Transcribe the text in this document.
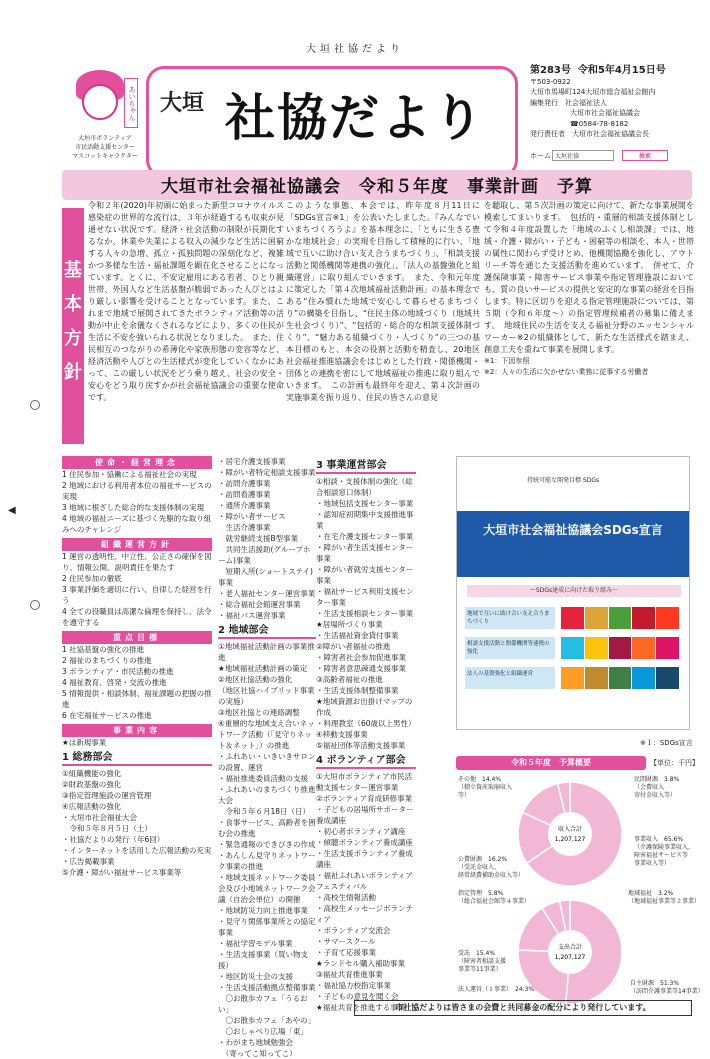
大垣社協だより
あいちゃん
大垣市ボランティア
市民活動支援センター
マスコットキャラクター
大垣 社協だより
第283号　 令和5年4月15日号
〒503-0922
大垣市馬場町124大垣市総合福祉会館内
編集発行　 社会福祉法人
大垣市社会福祉協議会
☎0584-78-8182
発行責任者　 大垣市社会福祉協議会長
ホーム 大垣社協	検索
大垣市社会福祉協議会　令和５年度　事業計画　予算
基本方針
◀
令和２年(2020)年初頭に始まった新型コロナウイルス感染症の世界的な流行は、３年が経過するも収束が見通せない状況です。経済・社会活動の制限が長期化するなか、休業や失業による収入の減少など生活に困窮する人々の急増、孤立・孤独問題の深刻化など、複雑かつ多様な生活・福祉課題を顕在化させることになっています。とくに、不安定雇用にある若者、ひとり親世帯、外国人など生活基盤が脆弱であった人びとはより厳しい影響を受けることとなっています。また、これまで地域で展開されてきたボランティア活動等の活動が中止を余儀なくされるなどにより、多くの住民が生活に不安を強いられる状況となりました。　また、住民相互のつながりの希薄化や家族形態の変容等など、経済活動や人びとの生活様式が変化していくなかにあって、この厳しい状況をどう乗り越え、社会の安全・安心をどう取り戻すかが社会福祉協議会の重要な使命です。
このような事態、本会では、昨年度８月11日に「SDGs宣言※1」を公表いたしました。『みんなでいいまちづくろうよ』を基本理念に、「ともに生きる豊かな地域社会」の実現を目指して積極的に行い、「地域で互いに助け合い支え合うまちづくり」、「相談支援活動と関係機関等連携の強化」、「法人の基盤強化と組織運営」に取り組んでいきます。　また、令和元年度に策定した「第４次地域福祉活動計画」の基本理念である“住み慣れた地域で安心して暮らせるまちづくり”の構築を目指し、“住民主体の地域づくり（地域共生社会づくり）”、“包括的・総合的な相談支援体制づくり”、“魅力ある組織づくり・人づくり”の三つの基本目標のもと、本会の役割と活動を精査し、20地区社会福祉推進協議会をはじめとした行政・関係機関・団体との連携を密にして地域福祉の推進に取り組んでいきます。　この計画も最終年を迎え、第４次計画の実施事業を振り返り、住民の皆さんの意見
を聴取し、第５次計画の策定に向けて、新たな事業展開を模索してまいります。　包括的・重層的相談支援体制として令和４年度設置した「地域のふくし相談課」では、地域・介護・障がい・子ども・困窮等の相談を、本人・世帯の属性に関わらず受けとめ、他機関協働を強化し、アウトリーチ等を通じた支援活動を進めています。　併せて、介護保険事業・障害サービス事業や指定管理施設においても、質の良いサービスの提供と安定的な事業の経営を目指します。特に区切りを迎える指定管理施設については、第５期（令和６年度〜）の指定管理候補者の募集に備えます。　地域住民の生活を支える福祉分野のエッセンシャルワーカー※2の組織体として、新たな生活様式を踏まえ、創意工夫を重ねて事業を展開します。
※1：下図参照
※2：人々の生活に欠かせない業務に従事する労働者
使命・経営理念
1 住民参加・協働による福祉社会の実現
2 地域における利用者本位の福祉サービスの実現
3 地域に根ざした総合的な支援体制の実現
4 地域の福祉ニーズに基づく先駆的な取り組みへのチャレンジ
組織運営方針
1 運営の透明性、中立性、公正さの確保を図り、情報公開、説明責任を果たす
2 住民参加の徹底
3 事業評価を適切に行い、自律した経営を行う
4 全ての役職員は高潔な倫理を保持し、法令を遵守する
重点目標
1 社協基盤の強化の推進
2 福祉のまちづくりの推進
3 ボランティア・市民活動の推進
4 福祉教育、啓発・交流の推進
5 情報提供・相談体制、福祉課題の把握の推進
6 在宅福祉サービスの推進
事業内容
★は新規事業
1 総務部会
①組織機能の強化
②財政基盤の強化
③指定管理施設の運営管理
④広報活動の強化
・大垣市社会福祉大会
　令和５年８月５日（土）
・社協だよりの発行（年6回）
・インターネットを活用した広報活動の充実
・広告掲載事業
⑤介護・障がい福祉サービス事業等
・居宅介護支援事業
・障がい者特定相談支援事業
・訪問介護事業
・訪問看護事業
・通所介護事業
・障がい者サービス
　生活介護事業
　就労継続支援B型事業
　共同生活援助(グループホーム)事業
　短期入所(ショートステイ)事業
・老人福祉センター運営事業
・総合福祉会館運営事業
・福祉バス運営事業
2 地域部会
①地域福祉活動計画の事業推進
★地域福祉活動計画の策定
②地区社協活動の強化
（地区社協ハイブリッド事業の実施）
③地区社協との連絡調整
④重層的な地域支え合いネットワーク活動（「見守りネット＆ネット」）の推進
・ふれあい・いきいきサロンの設置、運営
・福祉推進委員活動の支援
・ふれあいのまちづくり推進大会
　令和５年６月18日（日）
・食事サービス、高齢者を囲む会の推進
・緊急通報のできびきの作成
・あんしん見守りネットワーク事業の推進
・地域支援ネットワーク委員会及び小地域ネットワーク会議（自治会単位）の開催
・地域防災力向上推進事業
・見守り関係事業所との協定事業
・福祉学習モデル事業
・生活支援事業（買い物支援）
・地区防災士会の支援
・生活支援活動拠点整備事業
　〇お散歩カフェ「うるおい」
　〇お散歩カフェ「あやの」
　〇おしゃべり広場「東」
・わがまち地域勉強会
　（寄ってこ知ってこ）
3 事業運営部会
①相談・支援体制の強化（総合相談窓口体制）
・地域包括支援センター事業
・認知症初期集中支援推進事業
・在宅介護支援センター事業
・障がい者生活支援センター事業
・障がい者就労支援センター事業
・福祉サービス利用支援センター事業
・生活支援相談センター事業
★居場所づくり事業
・生活福祉資金貸付事業
②障がい者福祉の推進
・障害者社会参加促進事業
・障害者意思疎通支援事業
③高齢者福祉の推進
・生活支援体制整備事業
★地域資源お出掛けマップの作成
・料理教室（60歳以上男性）
④移動支援事業
⑤福祉団体等活動支援事業
4 ボランティア部会
①大垣市ボランティア市民活動支援センター運営事業
②ボランティア育成研修事業
・子どもの居場所サポーター養成講座
・初心者ボランティア講座
・傾聴ボランティア養成講座
・生活支援ボランティア養成講座
・福祉ふれあいボランティアフェスティバル
・高校生情報活動
・高校生メッセージボランティア
・ボランティア交流会
・サマースクール
・子育て応援事業
★ランドセル購入補助事業
③福祉共育推進事業
・福祉協力校指定事業
・子どもの意見を聞く会
★福祉共育を推進する事業
持続可能な開発目標 SDGs
大垣市社会福祉協議会SDGs宣言
～SDGs達成に向けた取り組み～
地域で互いに助け合い支え合うまちづくり
相談支援活動と関係機関等連携の強化
法人の基盤強化と組織運営
※１：SDGs宣言
令和５年度　予算概要	【単位：千円】
収入合計
1,207,127
支出合計
1,207,127
その他　14.4%
（積立資産取崩収入等）
民間財源　3.8%
（会費収入
寄付金収入等）
公費財源　16.2%
（受託金収入、
経常経費補助金収入等）
事業収入　65.6%
（介護保険事業収入、
障害福祉サービス等
事業収入等）
指定管理　5.8%
（総合福祉会館等４事業）
地域福祉　3.2%
（地域福祉事業等２事業）
受託　15.4%
（障害者相談支援
事業等11事業）
法人運営（１事業）　24.3%
自主財源　51.3%
（訪問介護事業等14事業）
市社協だよりは皆さまの会費と共同募金の配分により発行しています。
